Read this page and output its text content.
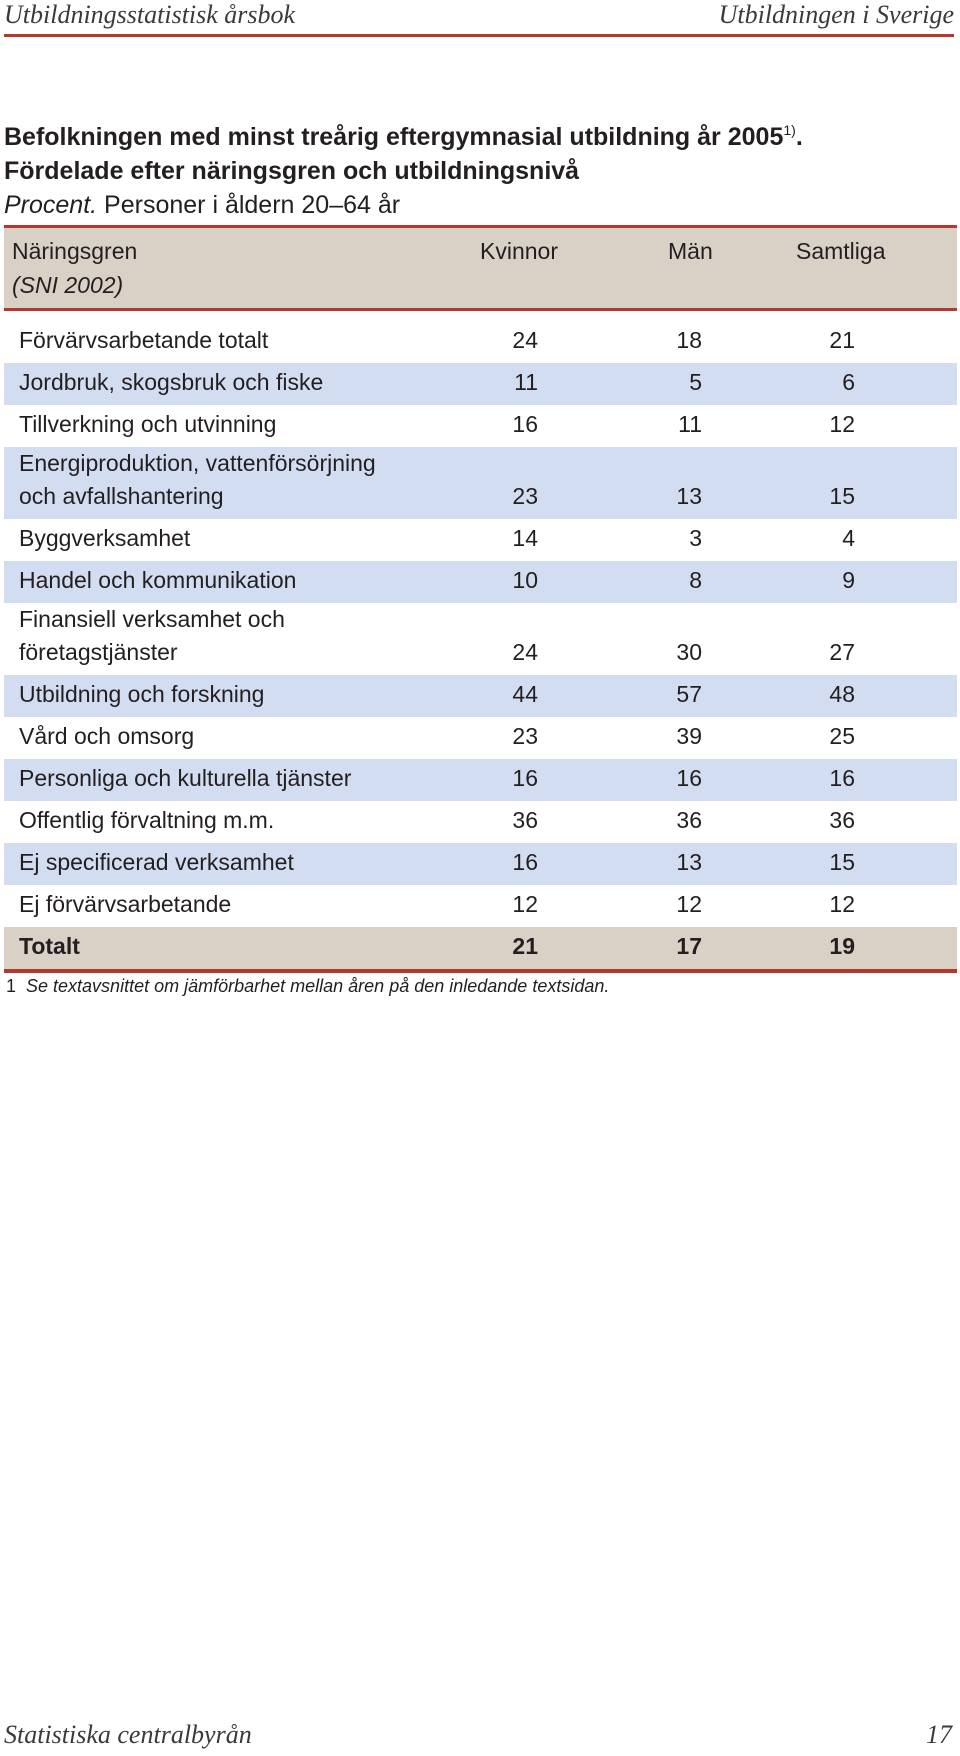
Utbildningsstatistisk årsbok	Utbildningen i Sverige
Befolkningen med minst treårig eftergymnasial utbildning år 2005$^{1)}$.
Fördelade efter näringsgren och utbildningsnivå
Procent. Personer i åldern 20–64 år
Näringsgren
(SNI 2002)
Kvinnor	Män	Samtliga
Förvärvsarbetande totalt	24	18	21
Jordbruk, skogsbruk och fiske	11	5	6
Tillverkning och utvinning	16	11	12
Energiproduktion, vattenförsörjning
och avfallshantering	23	13	15
Byggverksamhet	14	3	4
Handel och kommunikation	10	8	9
Finansiell verksamhet och
företagstjänster	24	30	27
Utbildning och forskning	44	57	48
Vård och omsorg	23	39	25
Personliga och kulturella tjänster	16	16	16
Offentlig förvaltning m.m.	36	36	36
Ej specificerad verksamhet	16	13	15
Ej förvärvsarbetande	12	12	12
Totalt	21	17	19
1 Se textavsnittet om jämförbarhet mellan åren på den inledande textsidan.
Statistiska centralbyrån	17
